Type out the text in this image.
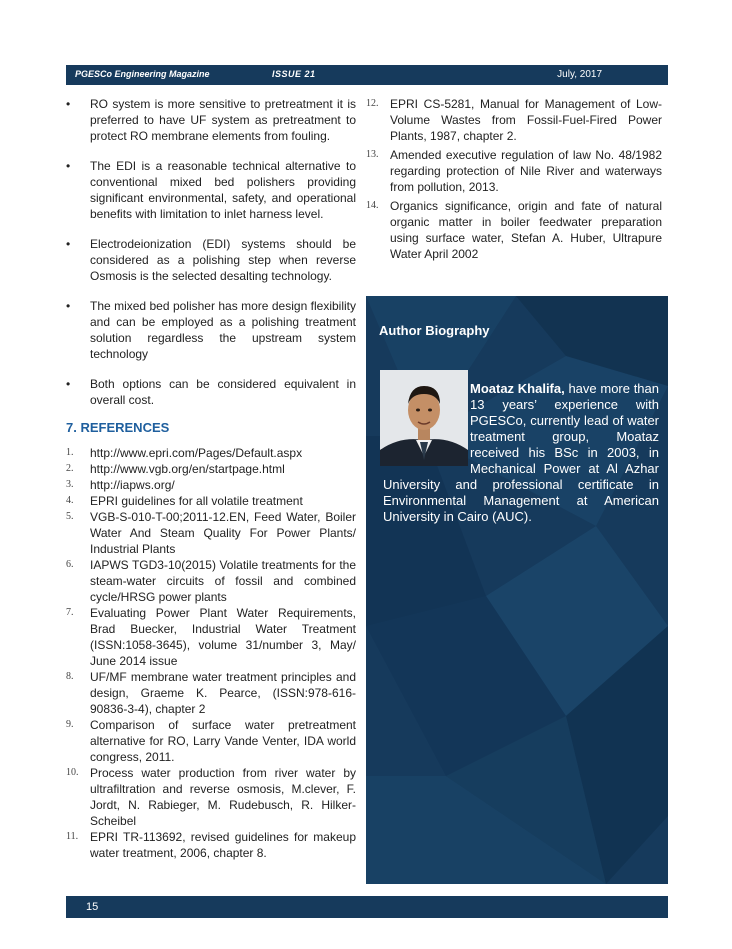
PGESCo Engineering Magazine	ISSUE 21	July, 2017
• RO system is more sensitive to pretreatment it is preferred to have UF system as pretreatment to protect RO membrane elements from fouling.
• The EDI is a reasonable technical alternative to conventional mixed bed polishers providing significant environmental, safety, and operational benefits with limitation to inlet harness level.
• Electrodeionization (EDI) systems should be considered as a polishing step when reverse Osmosis is the selected desalting technology.
• The mixed bed polisher has more design flexibility and can be employed as a polishing treatment solution regardless the upstream system technology
• Both options can be considered equivalent in overall cost.
7. REFERENCES
1. http://www.epri.com/Pages/Default.aspx
2. http://www.vgb.org/en/startpage.html
3. http://iapws.org/
4. EPRI guidelines for all volatile treatment
5. VGB-S-010-T-00;2011-12.EN, Feed Water, Boiler Water And Steam Quality For Power Plants/ Industrial Plants
6. IAPWS TGD3-10(2015) Volatile treatments for the steam-water circuits of fossil and combined cycle/HRSG power plants
7. Evaluating Power Plant Water Requirements, Brad Buecker, Industrial Water Treatment (ISSN:1058-3645), volume 31/number 3, May/ June 2014 issue
8. UF/MF membrane water treatment principles and design, Graeme K. Pearce, (ISSN:978-616-90836-3-4), chapter 2
9. Comparison of surface water pretreatment alternative for RO, Larry Vande Venter, IDA world congress, 2011.
10. Process water production from river water by ultrafiltration and reverse osmosis, M.clever, F. Jordt, N. Rabieger, M. Rudebusch, R. Hilker-Scheibel
11. EPRI TR-113692, revised guidelines for makeup water treatment, 2006, chapter 8.
12. EPRI CS-5281, Manual for Management of Low-Volume Wastes from Fossil-Fuel-Fired Power Plants, 1987, chapter 2.
13. Amended executive regulation of law No. 48/1982 regarding protection of Nile River and waterways from pollution, 2013.
14. Organics significance, origin and fate of natural organic matter in boiler feedwater preparation using surface water, Stefan A. Huber, Ultrapure Water April 2002
Author Biography

Moataz Khalifa, have more than 13 years’ experience with PGESCo, currently lead of water treatment group, Moataz received his BSc in 2003, in Mechanical Power at Al Azhar University and professional certificate in Environmental Management at American University in Cairo (AUC).

15
